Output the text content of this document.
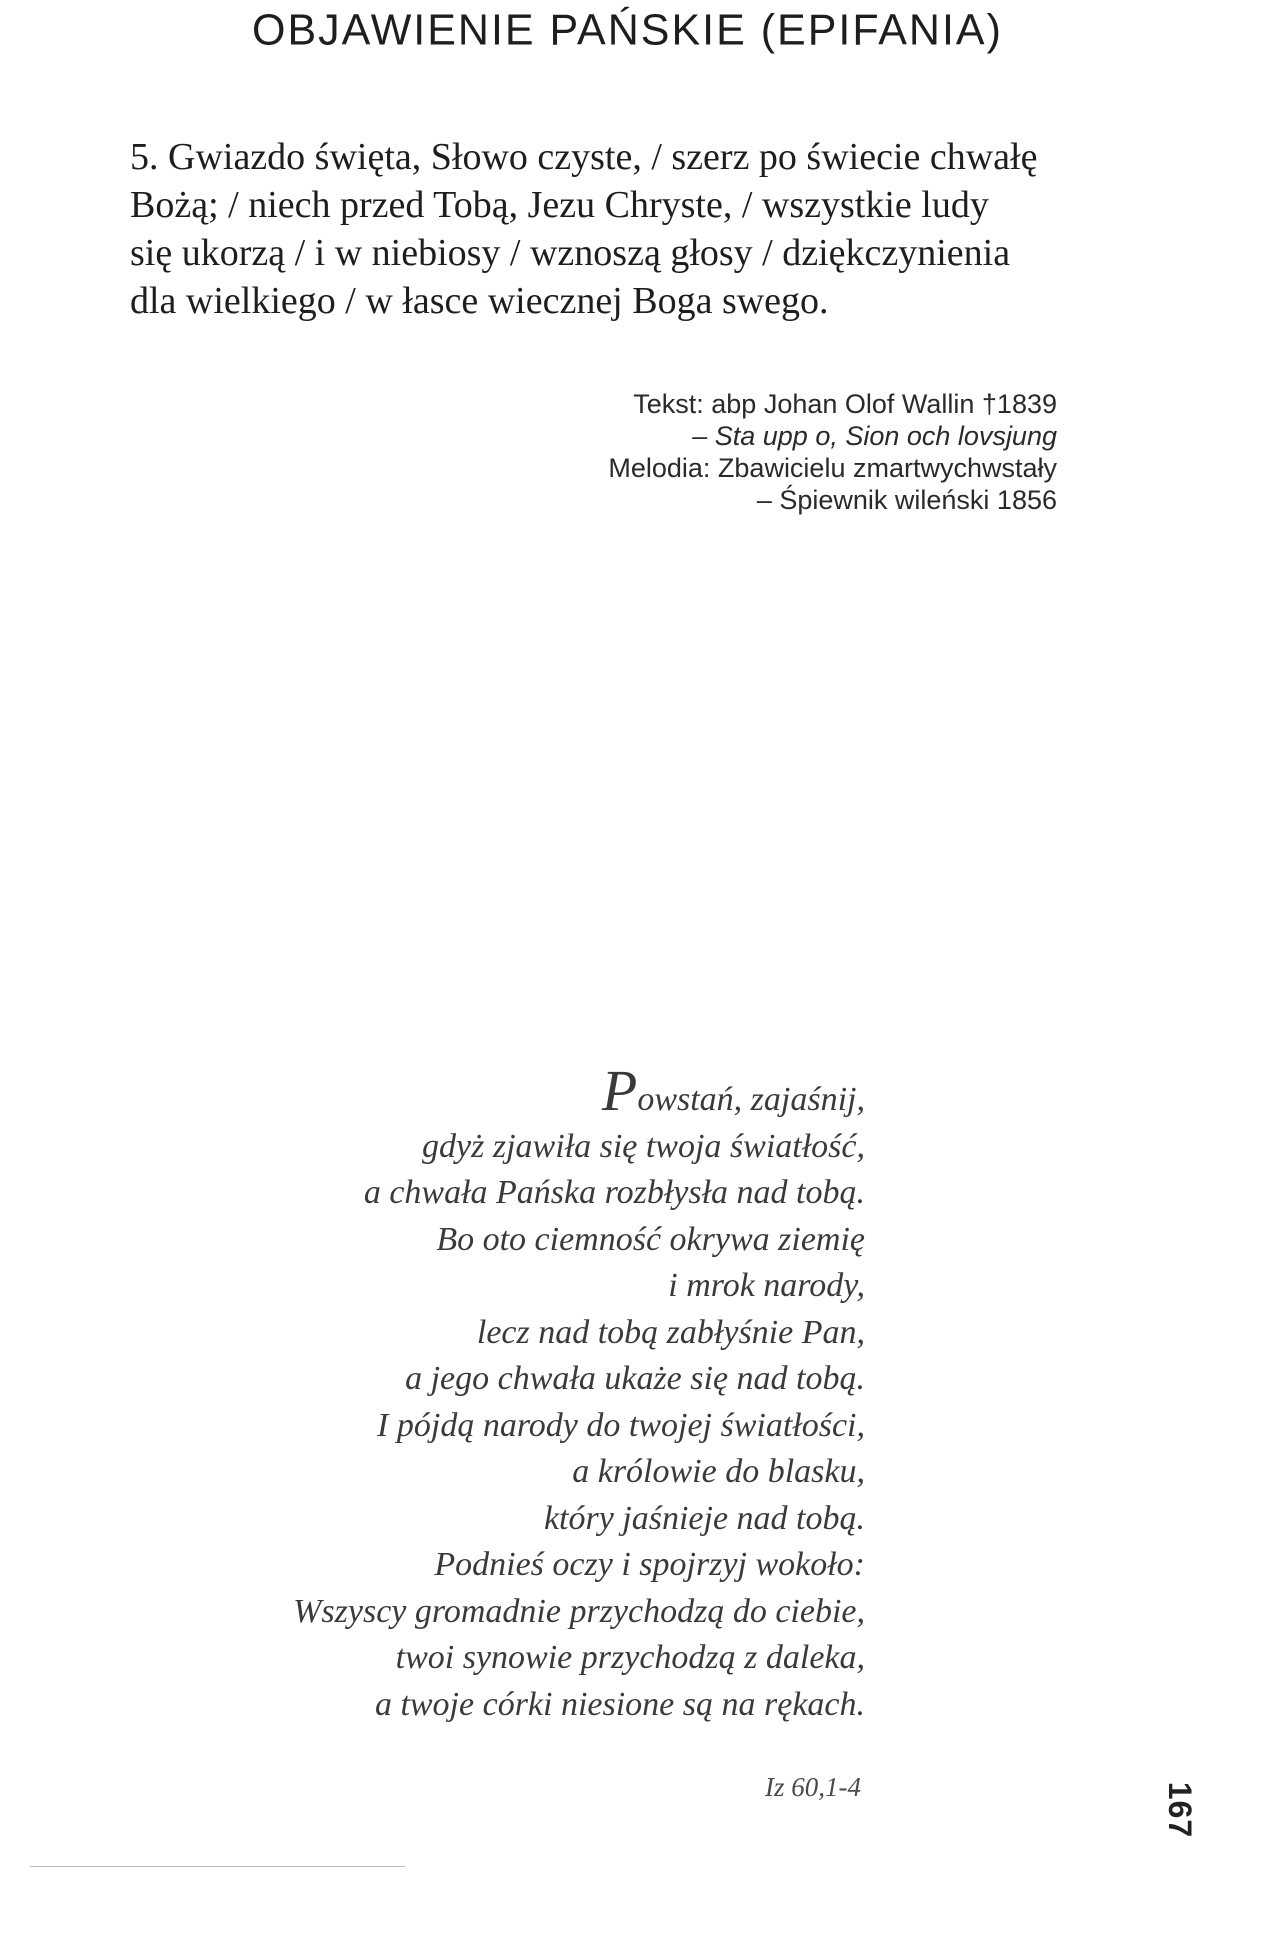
OBJAWIENIE PAŃSKIE (EPIFANIA)
5. Gwiazdo święta, Słowo czyste, / szerz po świecie chwałę
Bożą; / niech przed Tobą, Jezu Chryste, / wszystkie ludy
się ukorzą / i w niebiosy / wznoszą głosy / dziękczynienia
dla wielkiego / w łasce wiecznej Boga swego.
Tekst: abp Johan Olof Wallin †1839
– Sta upp o, Sion och lovsjung
Melodia: Zbawicielu zmartwychwstały
– Śpiewnik wileński 1856
Powstań, zajaśnij,
gdyż zjawiła się twoja światłość,
a chwała Pańska rozbłysła nad tobą.
Bo oto ciemność okrywa ziemię
i mrok narody,
lecz nad tobą zabłyśnie Pan,
a jego chwała ukaże się nad tobą.
I pójdą narody do twojej światłości,
a królowie do blasku,
który jaśnieje nad tobą.
Podnieś oczy i spojrzyj wokoło:
Wszyscy gromadnie przychodzą do ciebie,
twoi synowie przychodzą z daleka,
a twoje córki niesione są na rękach.
Iz 60,1-4	167
